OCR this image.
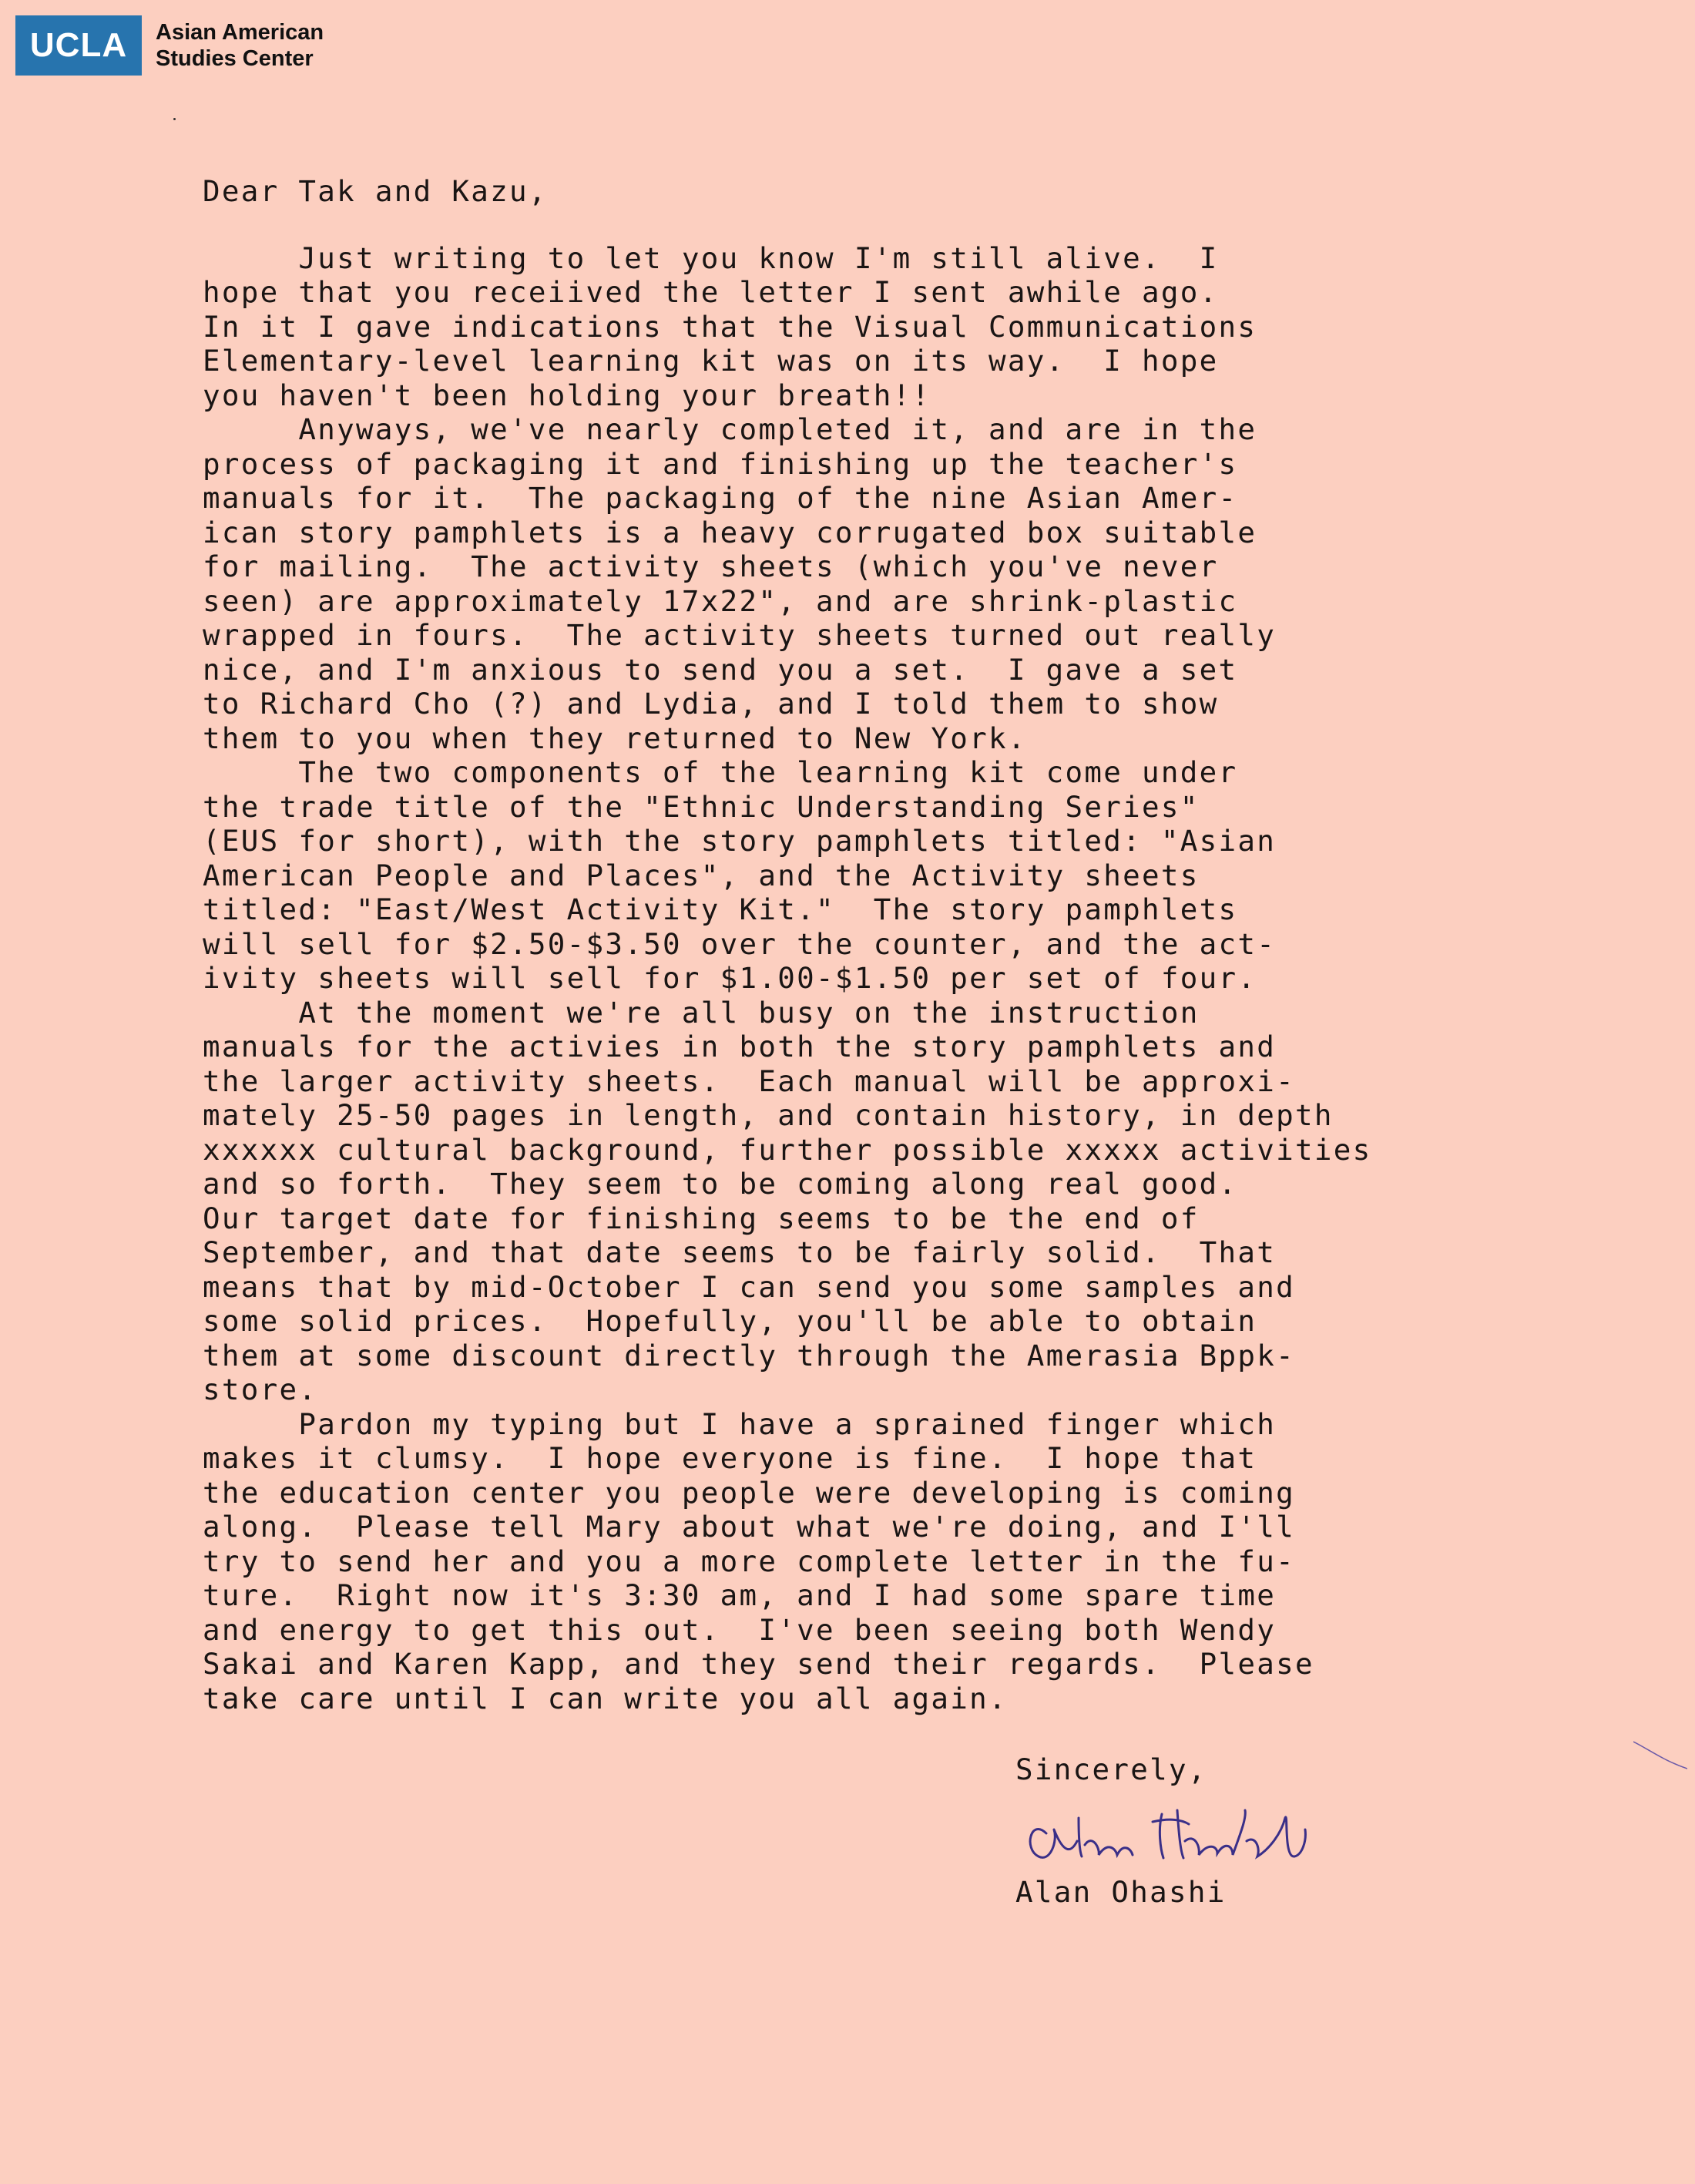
UCLA	Asian American
Studies Center
Dear Tak and Kazu,
Just writing to let you know I'm still alive.  I
hope that you receiived the letter I sent awhile ago.
In it I gave indications that the Visual Communications
Elementary-level learning kit was on its way.  I hope
you haven't been holding your breath!!
Anyways, we've nearly completed it, and are in the
process of packaging it and finishing up the teacher's
manuals for it.  The packaging of the nine Asian Amer-
ican story pamphlets is a heavy corrugated box suitable
for mailing.  The activity sheets (which you've never
seen) are approximately 17x22", and are shrink-plastic
wrapped in fours.  The activity sheets turned out really
nice, and I'm anxious to send you a set.  I gave a set
to Richard Cho (?) and Lydia, and I told them to show
them to you when they returned to New York.
The two components of the learning kit come under
the trade title of the "Ethnic Understanding Series"
(EUS for short), with the story pamphlets titled: "Asian
American People and Places", and the Activity sheets
titled: "East/West Activity Kit."  The story pamphlets
will sell for $2.50-$3.50 over the counter, and the act-
ivity sheets will sell for $1.00-$1.50 per set of four.
At the moment we're all busy on the instruction
manuals for the activies in both the story pamphlets and
the larger activity sheets.  Each manual will be approxi-
mately 25-50 pages in length, and contain history, in depth
xxxxxx cultural background, further possible xxxxx activities
and so forth.  They seem to be coming along real good.
Our target date for finishing seems to be the end of
September, and that date seems to be fairly solid.  That
means that by mid-October I can send you some samples and
some solid prices.  Hopefully, you'll be able to obtain
them at some discount directly through the Amerasia Bppk-
store.
Pardon my typing but I have a sprained finger which
makes it clumsy.  I hope everyone is fine.  I hope that
the education center you people were developing is coming
along.  Please tell Mary about what we're doing, and I'll
try to send her and you a more complete letter in the fu-
ture.  Right now it's 3:30 am, and I had some spare time
and energy to get this out.  I've been seeing both Wendy
Sakai and Karen Kapp, and they send their regards.  Please
take care until I can write you all again.
Sincerely,
Alan Ohashi
